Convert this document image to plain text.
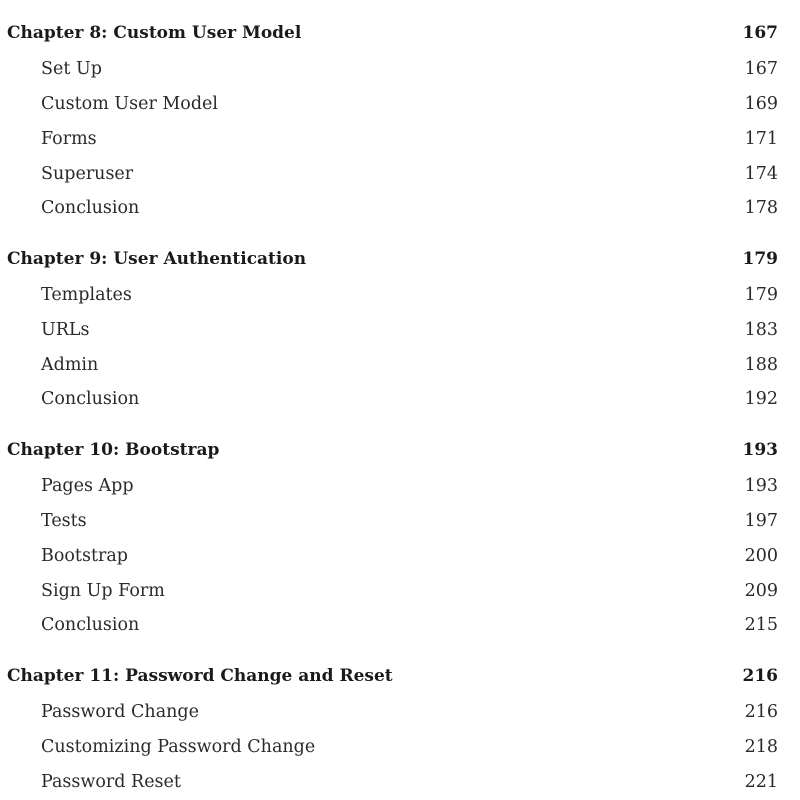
Chapter 8: Custom User Model	167
Set Up	167
Custom User Model	169
Forms	171
Superuser	174
Conclusion	178
Chapter 9: User Authentication	179
Templates	179
URLs	183
Admin	188
Conclusion	192
Chapter 10: Bootstrap	193
Pages App	193
Tests	197
Bootstrap	200
Sign Up Form	209
Conclusion	215
Chapter 11: Password Change and Reset	216
Password Change	216
Customizing Password Change	218
Password Reset	221
